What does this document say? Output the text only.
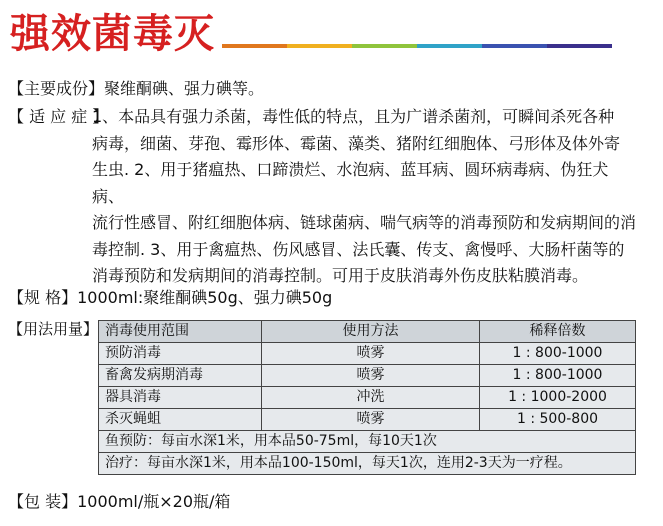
强效菌毒灭
【主要成份】聚维酮碘、强力碘等。
【 适 应 症 】
1、本品具有强力杀菌，毒性低的特点，且为广谱杀菌剂，可瞬间杀死各种
病毒，细菌、芽孢、霉形体、霉菌、藻类、猪附红细胞体、弓形体及体外寄
生虫. 2、用于猪瘟热、口蹄溃烂、水泡病、蓝耳病、圆环病毒病、伪狂犬病、
流行性感冒、附红细胞体病、链球菌病、喘气病等的消毒预防和发病期间的消
毒控制. 3、用于禽瘟热、伤风感冒、法氏囊、传支、禽慢呼、大肠杆菌等的
消毒预防和发病期间的消毒控制。可用于皮肤消毒外伤皮肤粘膜消毒。
【规 格】1000ml:聚维酮碘50g、强力碘50g
【用法用量】 消毒使用范围	使用方法	稀释倍数
预防消毒	喷雾	1 : 800-1000
畜禽发病期消毒	喷雾	1 : 800-1000
器具消毒	冲洗	1 : 1000-2000
杀灭蝇蛆	喷雾	1 : 500-800
鱼预防：每亩水深1米，用本品50-75ml，每10天1次		
治疗：每亩水深1米，用本品100-150ml，每天1次，连用2-3天为一疗程。		
【包 装】1000ml/瓶×20瓶/箱
